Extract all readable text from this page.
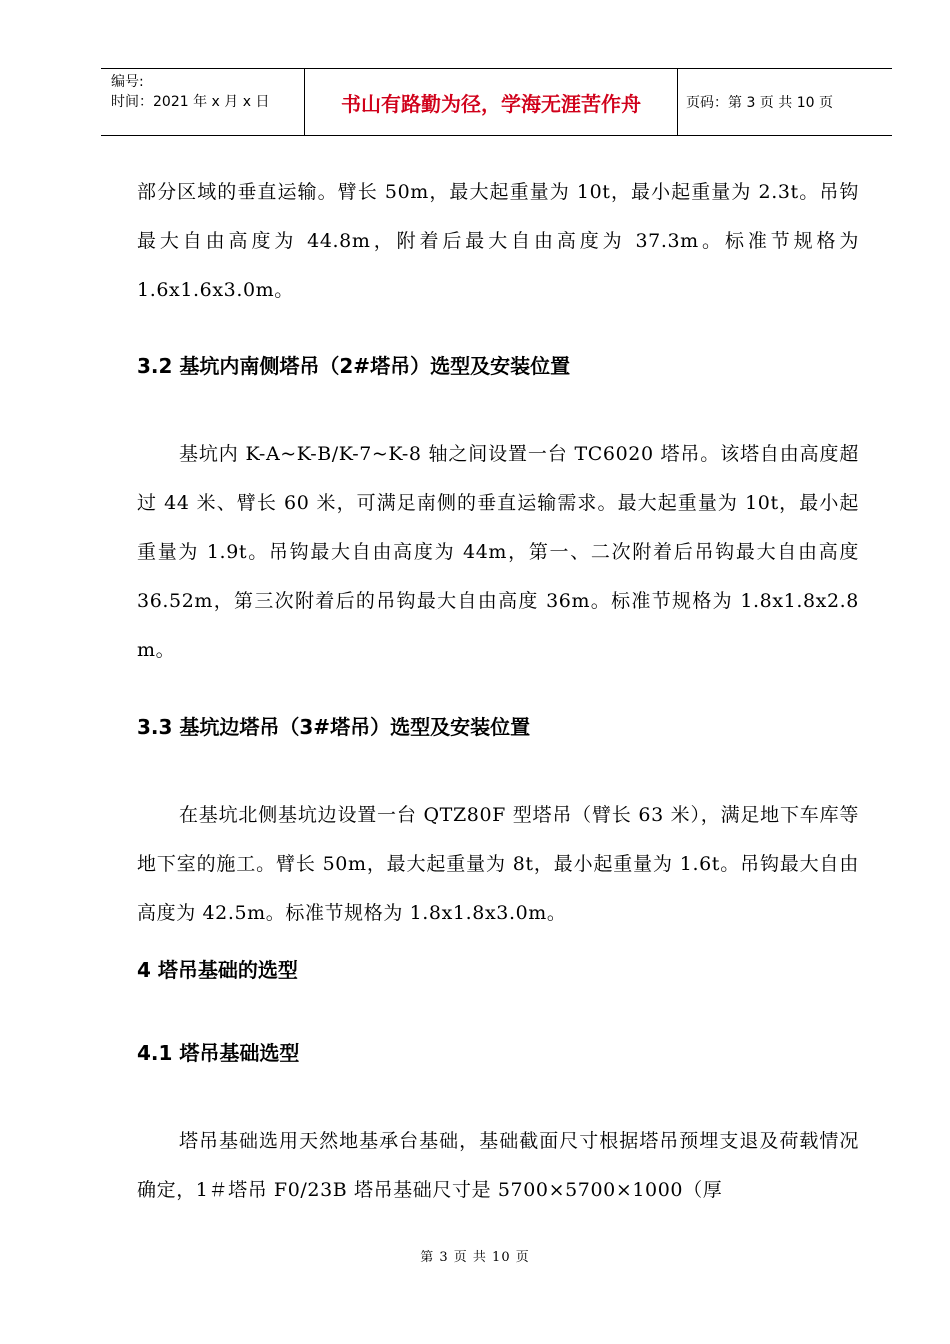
编号:
时间：2021 年 x 月 x 日	书山有路勤为径，学海无涯苦作舟	页码：第 3 页 共 10 页
部分区域的垂直运输。臂长 50m，最大起重量为 10t，最小起重量为 2.3t。吊钩最大自由高度为 44.8m，附着后最大自由高度为 37.3m。标准节规格为 1.6x1.6x3.0m。
3.2 基坑内南侧塔吊（2#塔吊）选型及安装位置
基坑内 K-A~K-B/K-7~K-8 轴之间设置一台 TC6020 塔吊。该塔自由高度超过 44 米、臂长 60 米，可满足南侧的垂直运输需求。最大起重量为 10t，最小起重量为 1.9t。吊钩最大自由高度为 44m，第一、二次附着后吊钩最大自由高度 36.52m，第三次附着后的吊钩最大自由高度 36m。标准节规格为 1.8x1.8x2.8 m。
3.3 基坑边塔吊（3#塔吊）选型及安装位置
在基坑北侧基坑边设置一台 QTZ80F 型塔吊（臂长 63 米），满足地下车库等地下室的施工。臂长 50m，最大起重量为 8t，最小起重量为 1.6t。吊钩最大自由高度为 42.5m。标准节规格为 1.8x1.8x3.0m。
4 塔吊基础的选型
4.1 塔吊基础选型
塔吊基础选用天然地基承台基础，基础截面尺寸根据塔吊预埋支退及荷载情况确定，1＃塔吊 F0/23B 塔吊基础尺寸是 5700×5700×1000（厚
第 3 页 共 10 页
